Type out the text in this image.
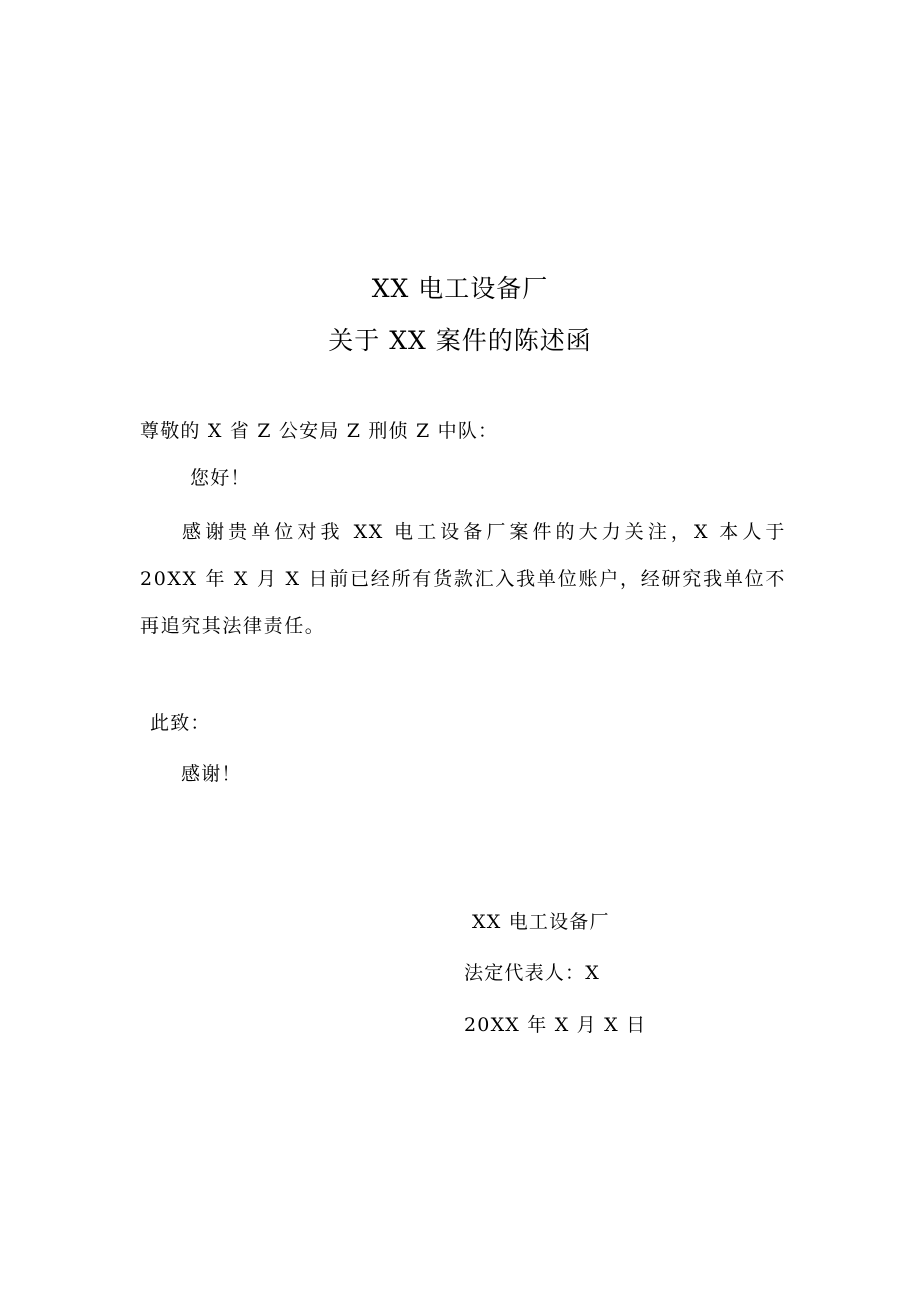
XX 电工设备厂
关于 XX 案件的陈述函
尊敬的 X 省 Z 公安局 Z 刑侦 Z 中队：
您好！

感谢贵单位对我 XX 电工设备厂案件的大力关注，X 本人于 20XX 年 X 月 X 日前已经所有货款汇入我单位账户，经研究我单位不再追究其法律责任。

此致：
感谢！
XX 电工设备厂
法定代表人：X
20XX 年 X 月 X 日
